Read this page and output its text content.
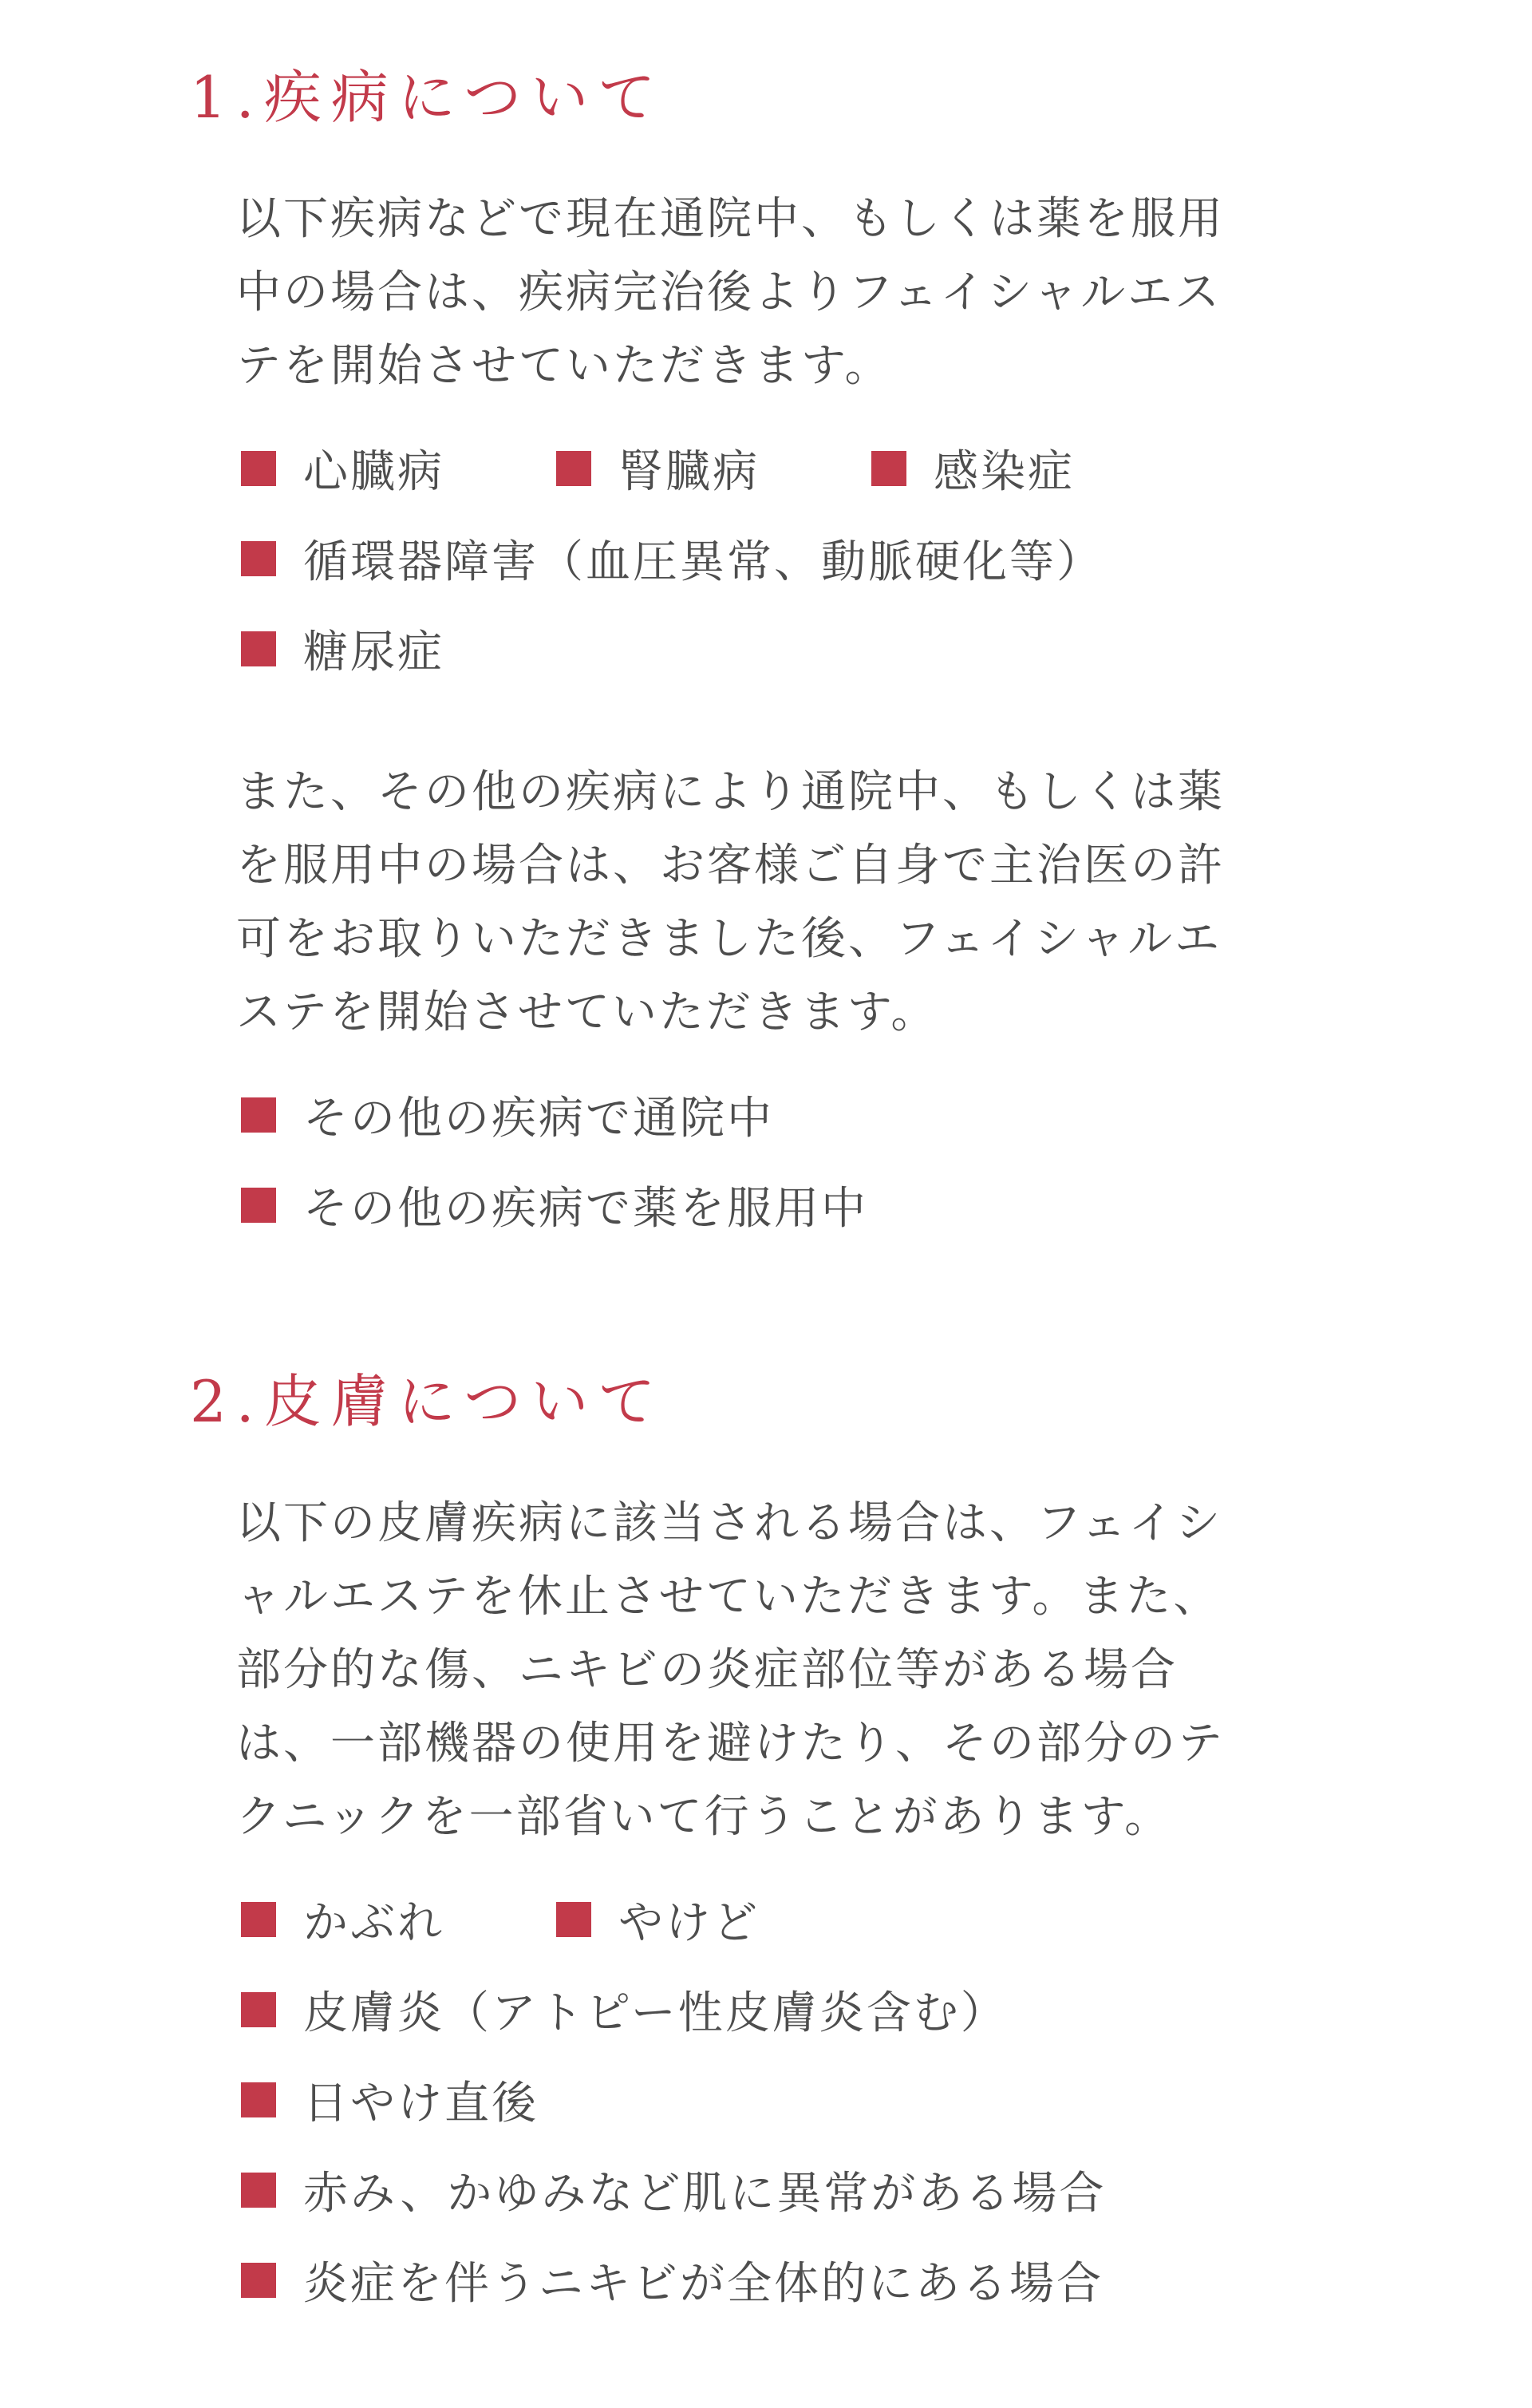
1.疾病について

以下疾病などで現在通院中、もしくは薬を服用
中の場合は、疾病完治後よりフェイシャルエス
テを開始させていただきます。

心臓病	腎臓病	感染症
循環器障害（血圧異常、動脈硬化等）
糖尿症

また、その他の疾病により通院中、もしくは薬
を服用中の場合は、お客様ご自身で主治医の許
可をお取りいただきました後、フェイシャルエ
ステを開始させていただきます。

その他の疾病で通院中
その他の疾病で薬を服用中
2.皮膚について

以下の皮膚疾病に該当される場合は、フェイシ
ャルエステを休止させていただきます。また、
部分的な傷、ニキビの炎症部位等がある場合
は、一部機器の使用を避けたり、その部分のテ
クニックを一部省いて行うことがあります。

かぶれ	やけど
皮膚炎（アトピー性皮膚炎含む）
日やけ直後
赤み、かゆみなど肌に異常がある場合
炎症を伴うニキビが全体的にある場合
